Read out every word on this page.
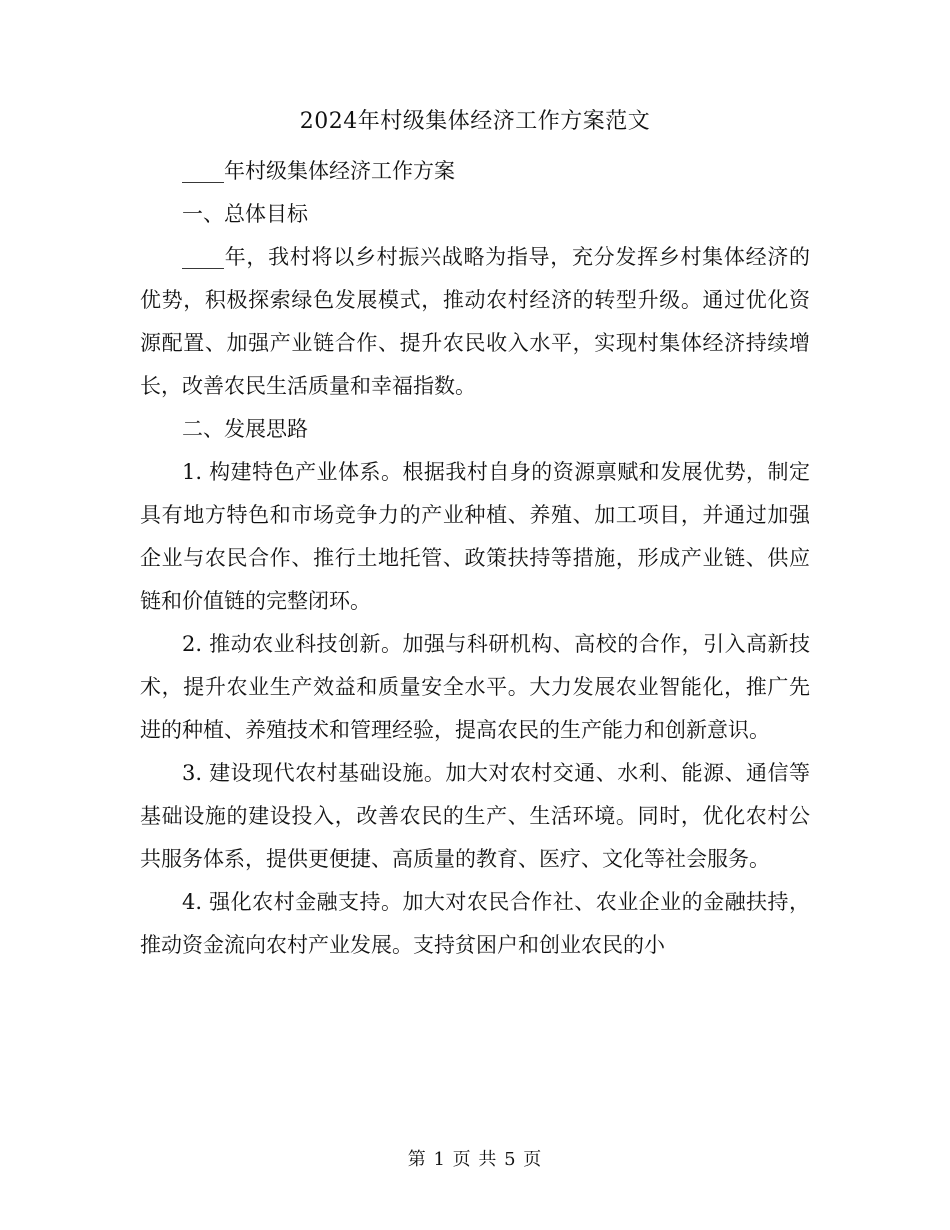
2024年村级集体经济工作方案范文

____年村级集体经济工作方案

一、总体目标

____年，我村将以乡村振兴战略为指导，充分发挥乡村集体经济的优势，积极探索绿色发展模式，推动农村经济的转型升级。通过优化资源配置、加强产业链合作、提升农民收入水平，实现村集体经济持续增长，改善农民生活质量和幸福指数。

二、发展思路

1. 构建特色产业体系。根据我村自身的资源禀赋和发展优势，制定具有地方特色和市场竞争力的产业种植、养殖、加工项目，并通过加强企业与农民合作、推行土地托管、政策扶持等措施，形成产业链、供应链和价值链的完整闭环。

2. 推动农业科技创新。加强与科研机构、高校的合作，引入高新技术，提升农业生产效益和质量安全水平。大力发展农业智能化，推广先进的种植、养殖技术和管理经验，提高农民的生产能力和创新意识。

3. 建设现代农村基础设施。加大对农村交通、水利、能源、通信等基础设施的建设投入，改善农民的生产、生活环境。同时，优化农村公共服务体系，提供更便捷、高质量的教育、医疗、文化等社会服务。

4. 强化农村金融支持。加大对农民合作社、农业企业的金融扶持，推动资金流向农村产业发展。支持贫困户和创业农民的小

第 1 页 共 5 页
